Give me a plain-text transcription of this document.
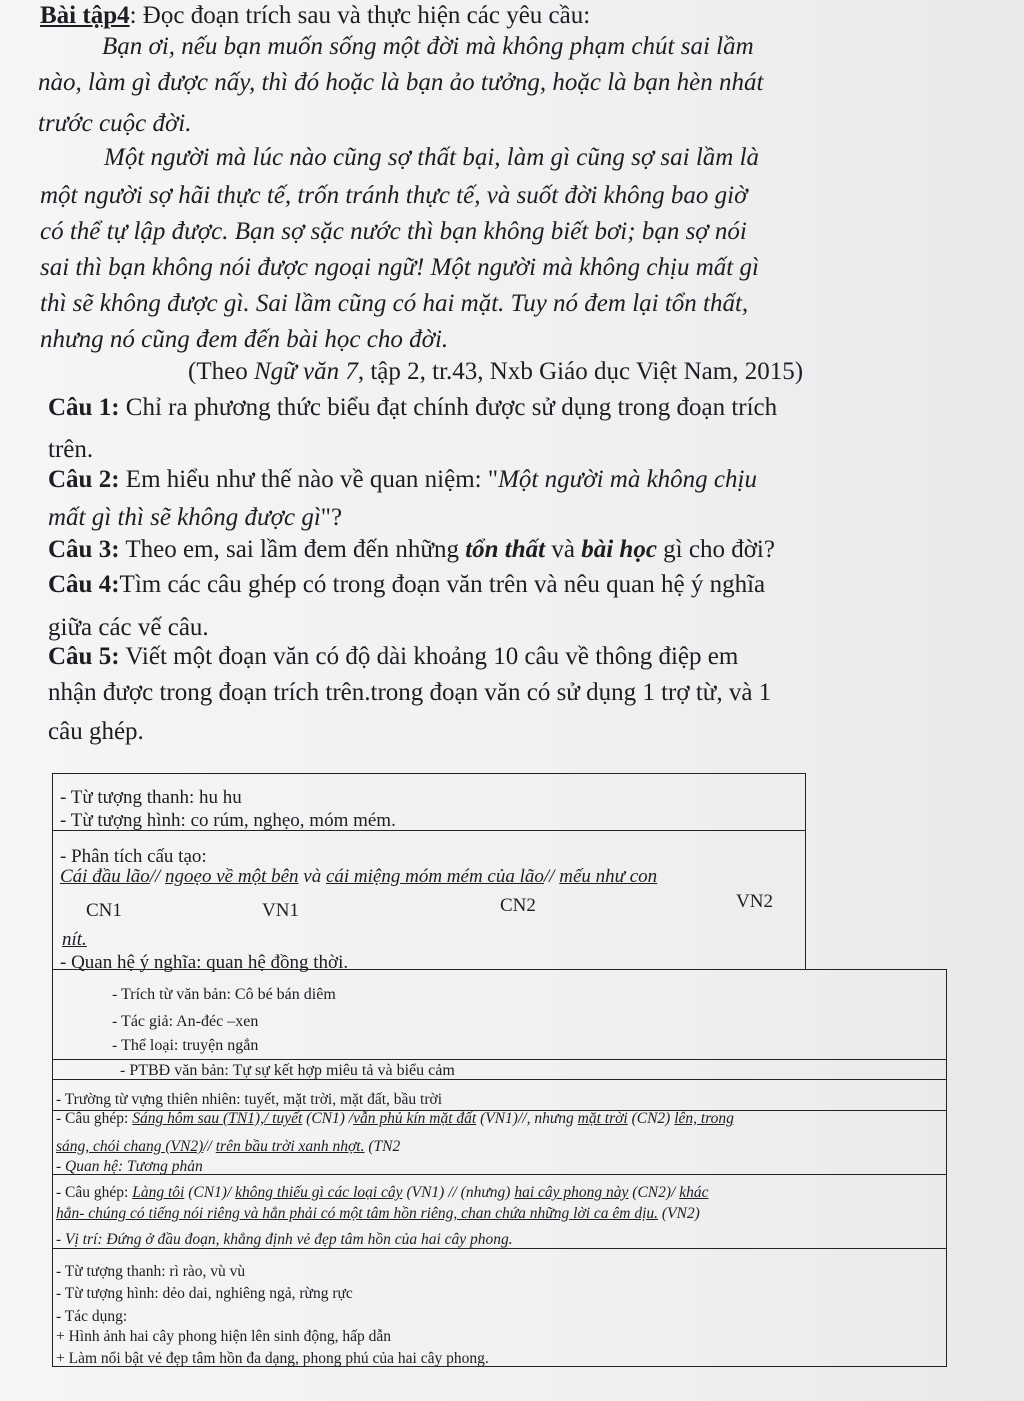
Bài tập4: Đọc đoạn trích sau và thực hiện các yêu cầu:
Bạn ơi, nếu bạn muốn sống một đời mà không phạm chút sai lầm
nào, làm gì được nấy, thì đó hoặc là bạn ảo tưởng, hoặc là bạn hèn nhát
trước cuộc đời.
Một người mà lúc nào cũng sợ thất bại, làm gì cũng sợ sai lầm là
một người sợ hãi thực tế, trốn tránh thực tế, và suốt đời không bao giờ
có thể tự lập được. Bạn sợ sặc nước thì bạn không biết bơi; bạn sợ nói
sai thì bạn không nói được ngoại ngữ! Một người mà không chịu mất gì
thì sẽ không được gì. Sai lầm cũng có hai mặt. Tuy nó đem lại tổn thất,
nhưng nó cũng đem đến bài học cho đời.
(Theo Ngữ văn 7, tập 2, tr.43, Nxb Giáo dục Việt Nam, 2015)
Câu 1: Chỉ ra phương thức biểu đạt chính được sử dụng trong đoạn trích
trên.
Câu 2: Em hiểu như thế nào về quan niệm: "Một người mà không chịu
mất gì thì sẽ không được gì"?
Câu 3: Theo em, sai lầm đem đến những tổn thất và bài học gì cho đời?
Câu 4:Tìm các câu ghép có trong đoạn văn trên và nêu quan hệ ý nghĩa
giữa các vế câu.
Câu 5: Viết một đoạn văn có độ dài khoảng 10 câu về thông điệp em
nhận được trong đoạn trích trên.trong đoạn văn có sử dụng 1 trợ từ, và 1
câu ghép.
- Từ tượng thanh: hu hu
- Từ tượng hình: co rúm, nghẹo, móm mém.
- Phân tích cấu tạo:
Cái đầu lão// ngoẹo về một bên và cái miệng móm mém của lão// mếu như con
CN1	VN1	CN2	VN2
nít.
- Quan hệ ý nghĩa: quan hệ đồng thời.
- Trích từ văn bản: Cô bé bán diêm
- Tác giả: An-đéc –xen
- Thể loại: truyện ngắn
- PTBĐ văn bản: Tự sự kết hợp miêu tả và biểu cảm
- Trường từ vựng thiên nhiên: tuyết, mặt trời, mặt đất, bầu trời
- Câu ghép: Sáng hôm sau (TN1),/ tuyết (CN1) /vẫn phủ kín mặt đất (VN1)//, nhưng mặt trời (CN2) lên, trong
sáng, chói chang (VN2)// trên bầu trời xanh nhợt. (TN2
- Quan hệ: Tương phản
- Câu ghép: Làng tôi (CN1)/ không thiếu gì các loại cây (VN1) // (nhưng) hai cây phong này (CN2)/ khác
hẳn- chúng có tiếng nói riêng và hẳn phải có một tâm hồn riêng, chan chứa những lời ca êm dịu. (VN2)
- Vị trí: Đứng ở đầu đoạn, khẳng định vẻ đẹp tâm hồn của hai cây phong.
- Từ tượng thanh: rì rào, vù vù
- Từ tượng hình: dẻo dai, nghiêng ngả, rừng rực
- Tác dụng:
+ Hình ảnh hai cây phong hiện lên sinh động, hấp dẫn
+ Làm nổi bật vẻ đẹp tâm hồn đa dạng, phong phú của hai cây phong.
